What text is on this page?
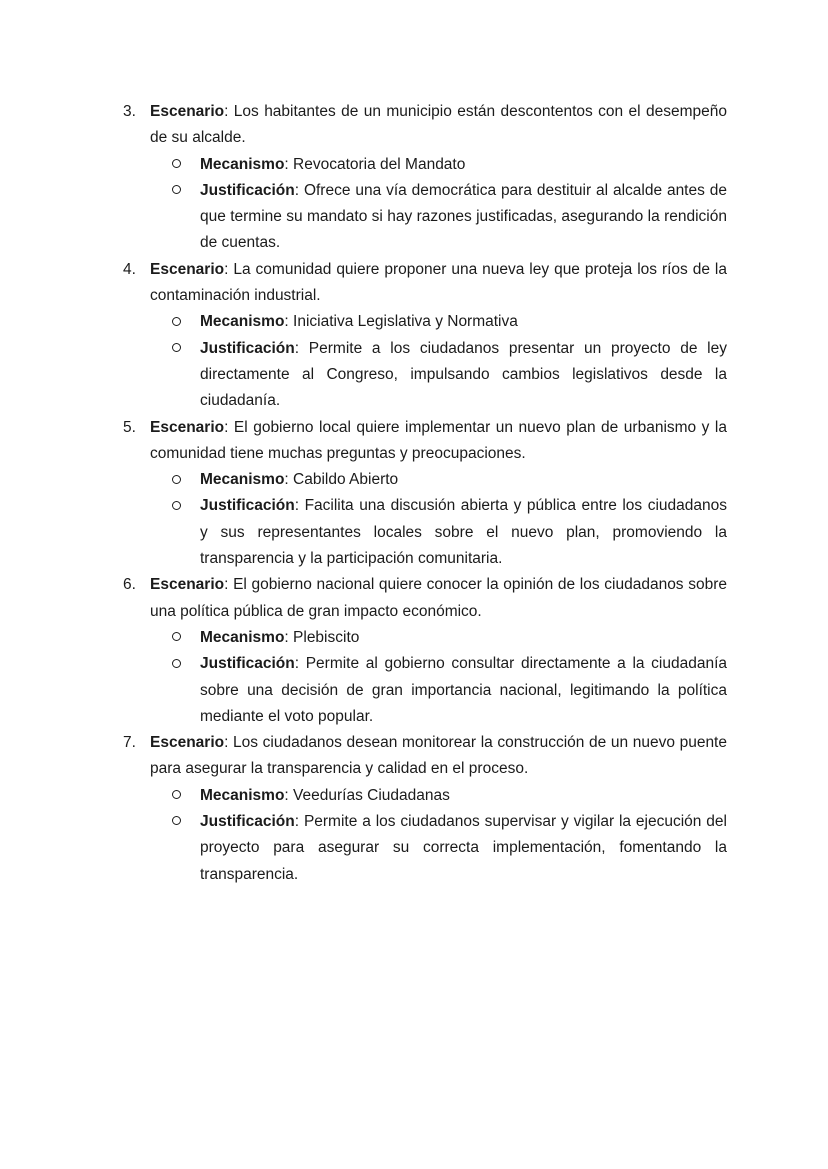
3. Escenario: Los habitantes de un municipio están descontentos con el desempeño de su alcalde.
Mecanismo: Revocatoria del Mandato
Justificación: Ofrece una vía democrática para destituir al alcalde antes de que termine su mandato si hay razones justificadas, asegurando la rendición de cuentas.
4. Escenario: La comunidad quiere proponer una nueva ley que proteja los ríos de la contaminación industrial.
Mecanismo: Iniciativa Legislativa y Normativa
Justificación: Permite a los ciudadanos presentar un proyecto de ley directamente al Congreso, impulsando cambios legislativos desde la ciudadanía.
5. Escenario: El gobierno local quiere implementar un nuevo plan de urbanismo y la comunidad tiene muchas preguntas y preocupaciones.
Mecanismo: Cabildo Abierto
Justificación: Facilita una discusión abierta y pública entre los ciudadanos y sus representantes locales sobre el nuevo plan, promoviendo la transparencia y la participación comunitaria.
6. Escenario: El gobierno nacional quiere conocer la opinión de los ciudadanos sobre una política pública de gran impacto económico.
Mecanismo: Plebiscito
Justificación: Permite al gobierno consultar directamente a la ciudadanía sobre una decisión de gran importancia nacional, legitimando la política mediante el voto popular.
7. Escenario: Los ciudadanos desean monitorear la construcción de un nuevo puente para asegurar la transparencia y calidad en el proceso.
Mecanismo: Veedurías Ciudadanas
Justificación: Permite a los ciudadanos supervisar y vigilar la ejecución del proyecto para asegurar su correcta implementación, fomentando la transparencia.
